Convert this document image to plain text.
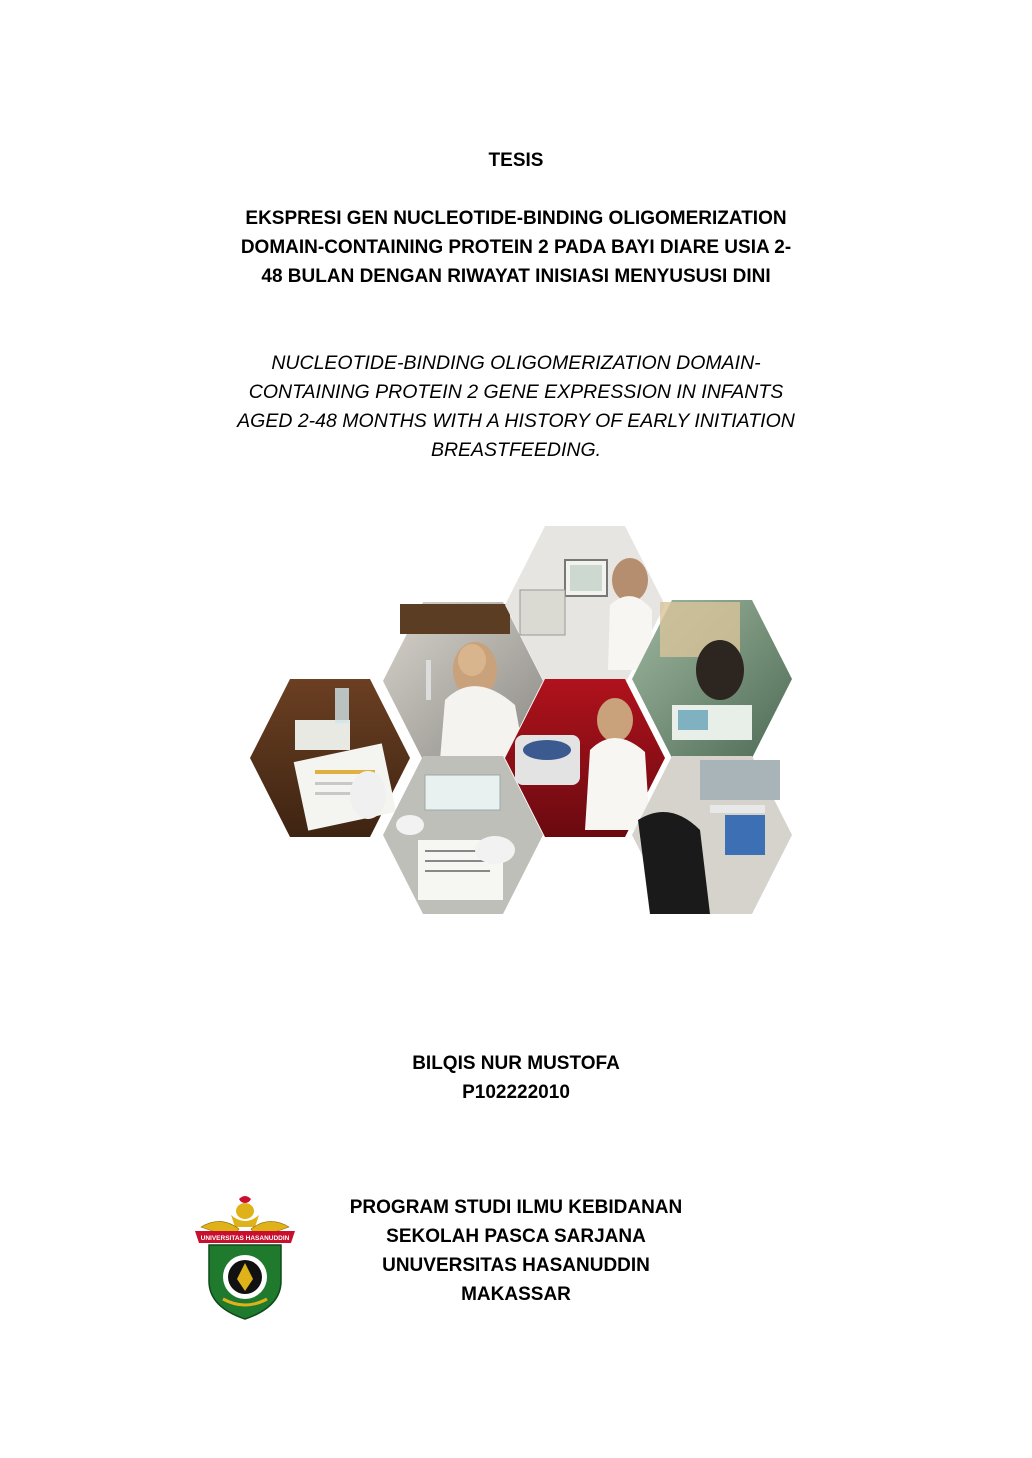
TESIS
EKSPRESI GEN NUCLEOTIDE-BINDING OLIGOMERIZATION
DOMAIN-CONTAINING PROTEIN 2 PADA BAYI DIARE USIA 2-
48 BULAN DENGAN RIWAYAT INISIASI MENYUSUSI DINI
NUCLEOTIDE-BINDING OLIGOMERIZATION DOMAIN-
CONTAINING PROTEIN 2 GENE EXPRESSION IN INFANTS
AGED 2-48 MONTHS WITH A HISTORY OF EARLY INITIATION
BREASTFEEDING.
BILQIS NUR MUSTOFA
P102222010
UNIVERSITAS HASANUDDIN
PROGRAM STUDI ILMU KEBIDANAN
SEKOLAH PASCA SARJANA
UNUVERSITAS HASANUDDIN
MAKASSAR
